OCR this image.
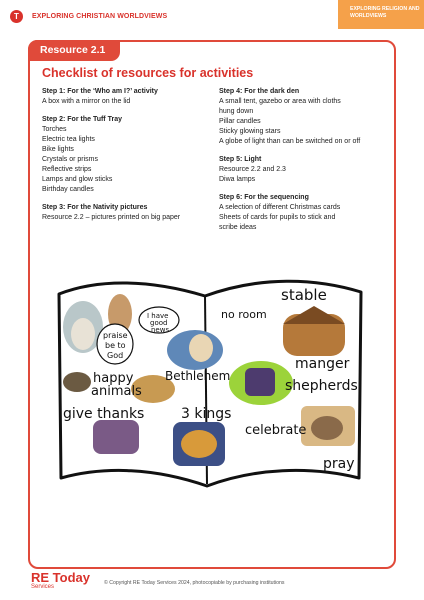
T	EXPLORING CHRISTIAN WORLDVIEWS
EXPLORING RELIGION AND WORLDVIEWS
Resource 2.1
Checklist of resources for activities
Step 1: For the ‘Who am I?’ activity
A box with a mirror on the lid
Step 2: For the Tuff Tray
Torches
Electric tea lights
Bike lights
Crystals or prisms
Reflective strips
Lamps and glow sticks
Birthday candles
Step 3: For the Nativity pictures
Resource 2.2 – pictures printed on big paper
Step 4: For the dark den
A small tent, gazebo or area with cloths
hung down
Pillar candles
Sticky glowing stars
A globe of light than can be switched on or off
Step 5: Light
Resource 2.2 and 2.3
Diwa lamps
Step 6: For the sequencing
A selection of different Christmas cards
Sheets of cards for pupils to stick and
scribe ideas
praise
be to
God
I have
good
news
no room
stable
manger
happy
animals
Bethlehem
shepherds
give thanks	3 kings
celebrate
pray
RE Today
Services
© Copyright RE Today Services 2024, photocopiable by purchasing institutions
